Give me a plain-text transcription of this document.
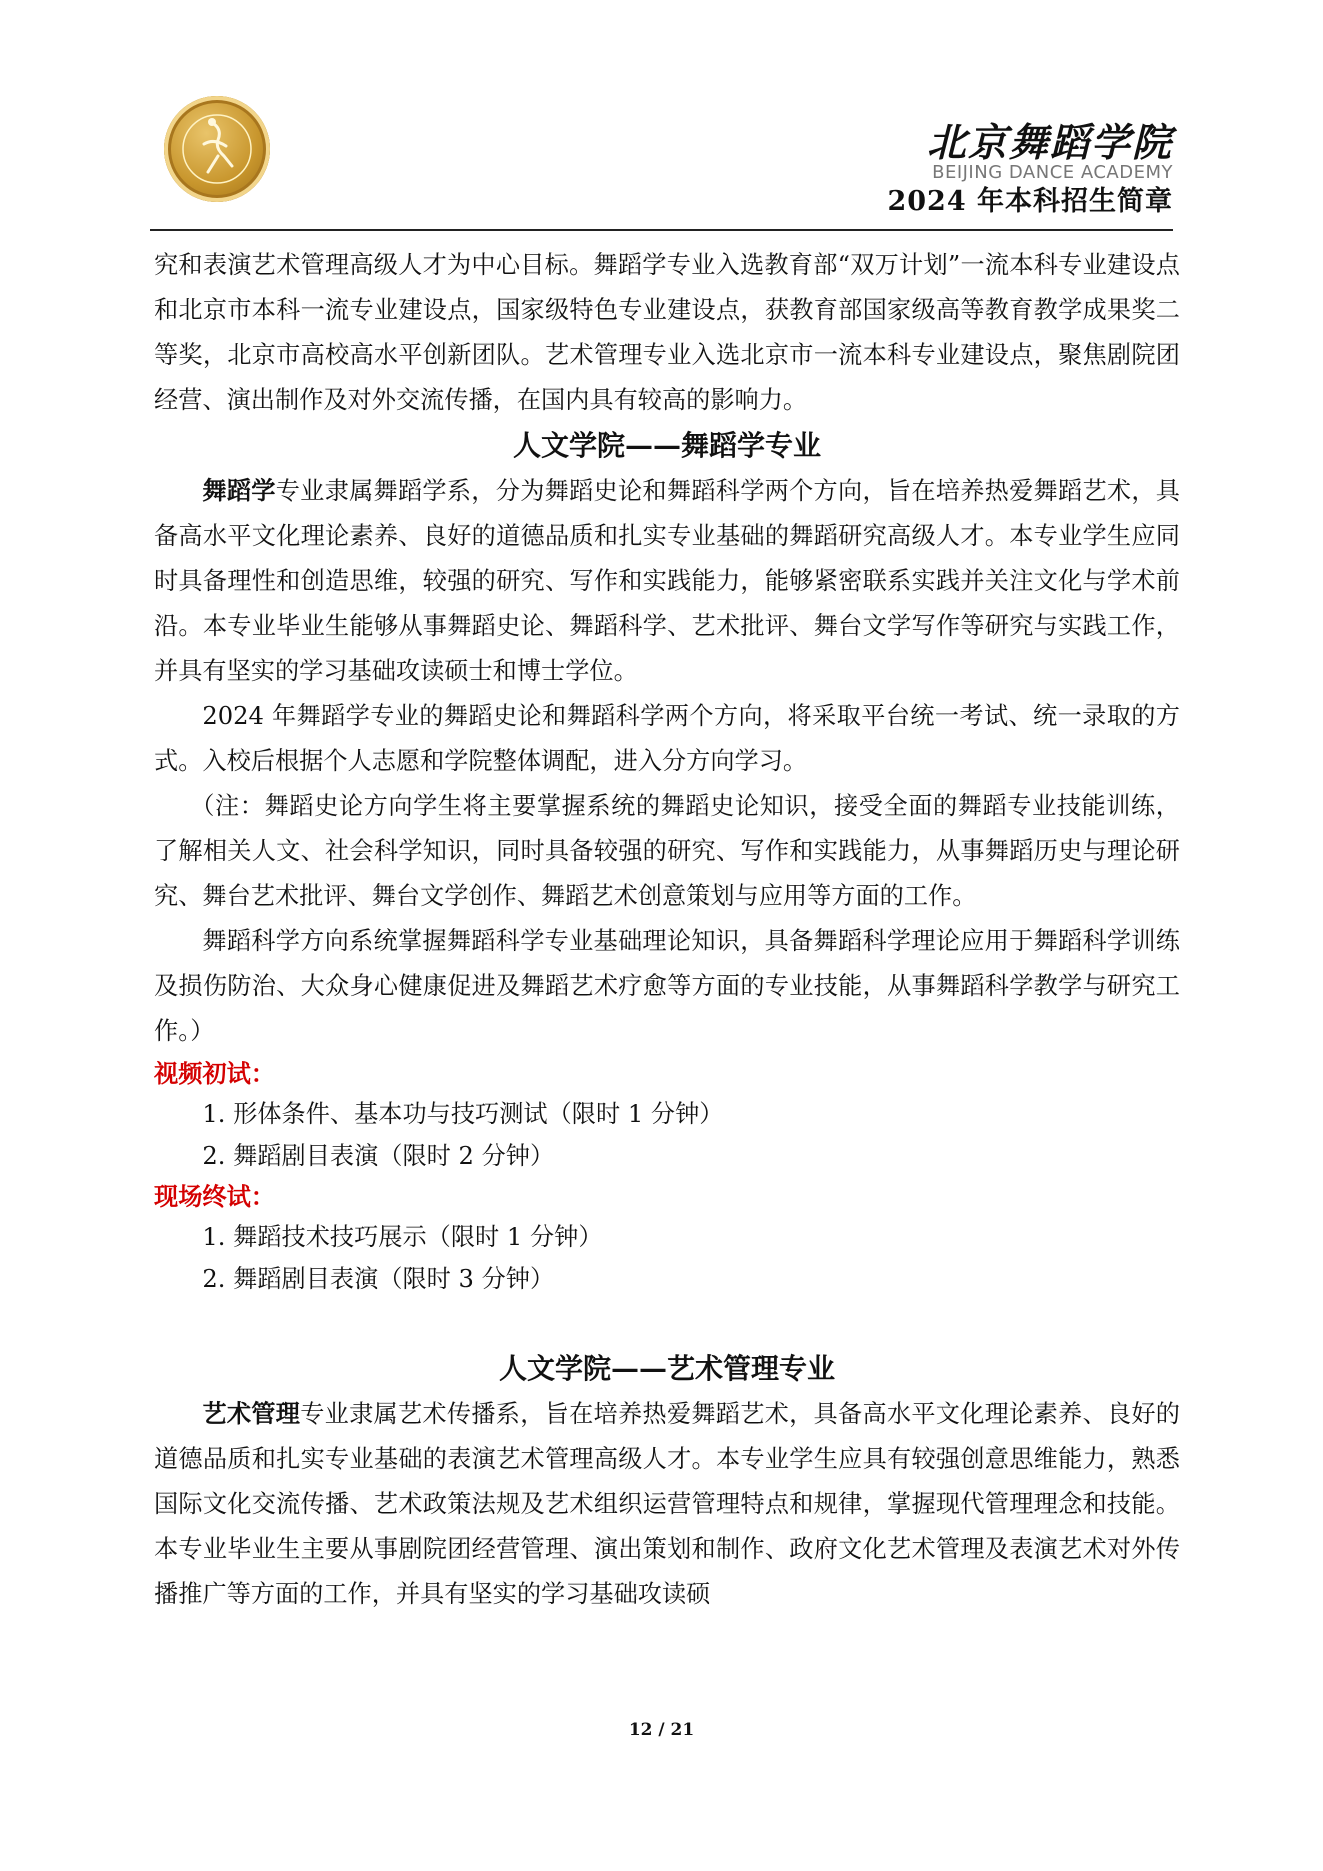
北京舞蹈学院
BEIJING DANCE ACADEMY
2024 年本科招生简章

究和表演艺术管理高级人才为中心目标。舞蹈学专业入选教育部“双万计划”一流本科专业建设点和北京市本科一流专业建设点，国家级特色专业建设点，获教育部国家级高等教育教学成果奖二等奖，北京市高校高水平创新团队。艺术管理专业入选北京市一流本科专业建设点，聚焦剧院团经营、演出制作及对外交流传播，在国内具有较高的影响力。

人文学院——舞蹈学专业

舞蹈学专业隶属舞蹈学系，分为舞蹈史论和舞蹈科学两个方向，旨在培养热爱舞蹈艺术，具备高水平文化理论素养、良好的道德品质和扎实专业基础的舞蹈研究高级人才。本专业学生应同时具备理性和创造思维，较强的研究、写作和实践能力，能够紧密联系实践并关注文化与学术前沿。本专业毕业生能够从事舞蹈史论、舞蹈科学、艺术批评、舞台文学写作等研究与实践工作，并具有坚实的学习基础攻读硕士和博士学位。

2024 年舞蹈学专业的舞蹈史论和舞蹈科学两个方向，将采取平台统一考试、统一录取的方式。入校后根据个人志愿和学院整体调配，进入分方向学习。

（注：舞蹈史论方向学生将主要掌握系统的舞蹈史论知识，接受全面的舞蹈专业技能训练，了解相关人文、社会科学知识，同时具备较强的研究、写作和实践能力，从事舞蹈历史与理论研究、舞台艺术批评、舞台文学创作、舞蹈艺术创意策划与应用等方面的工作。

舞蹈科学方向系统掌握舞蹈科学专业基础理论知识，具备舞蹈科学理论应用于舞蹈科学训练及损伤防治、大众身心健康促进及舞蹈艺术疗愈等方面的专业技能，从事舞蹈科学教学与研究工作。）

视频初试：
1. 形体条件、基本功与技巧测试（限时 1 分钟）
2. 舞蹈剧目表演（限时 2 分钟）
现场终试：
1. 舞蹈技术技巧展示（限时 1 分钟）
2. 舞蹈剧目表演（限时 3 分钟）
人文学院——艺术管理专业

艺术管理专业隶属艺术传播系，旨在培养热爱舞蹈艺术，具备高水平文化理论素养、良好的道德品质和扎实专业基础的表演艺术管理高级人才。本专业学生应具有较强创意思维能力，熟悉国际文化交流传播、艺术政策法规及艺术组织运营管理特点和规律，掌握现代管理理念和技能。本专业毕业生主要从事剧院团经营管理、演出策划和制作、政府文化艺术管理及表演艺术对外传播推广等方面的工作，并具有坚实的学习基础攻读硕

12 / 21
